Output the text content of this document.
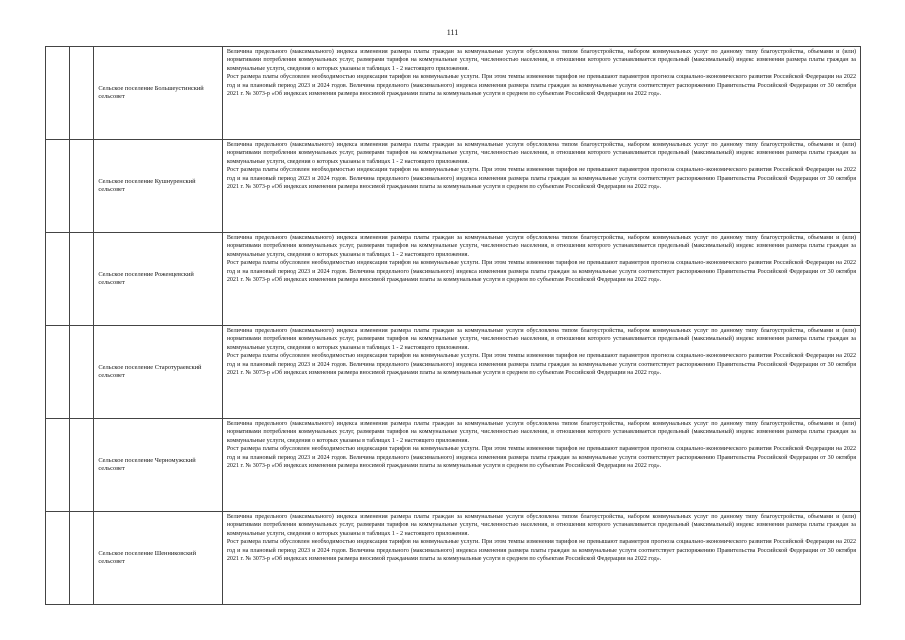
111
		Сельское поселение Большеустинский сельсовет	Величина предельного (максимального) индекса изменения размера платы граждан за коммунальные услуги обусловлена типом благоустройства, набором коммунальных услуг по данному типу благоустройства, объемами и (или) нормативами потребления коммунальных услуг, размерами тарифов на коммунальные услуги, численностью населения, в отношении которого устанавливается предельный (максимальный) индекс изменения размера платы граждан за коммунальные услуги, сведения о которых указаны в таблицах 1 - 2 настоящего приложения.

Рост размера платы обусловлен необходимостью индексации тарифов на коммунальные услуги. При этом темпы изменения тарифов не превышают параметров прогноза социально-экономического развития Российской Федерации на 2022 год и на плановый период 2023 и 2024 годов. Величина предельного (максимального) индекса изменения размера платы граждан за коммунальные услуги соответствует распоряжению Правительства Российской Федерации от 30 октября 2021 г. № 3073-р «Об индексах изменения размера вносимой гражданами платы за коммунальные услуги в среднем по субъектам Российской Федерации на 2022 год».

		Сельское поселение Кушнуренский сельсовет	Величина предельного (максимального) индекса изменения размера платы граждан за коммунальные услуги обусловлена типом благоустройства, набором коммунальных услуг по данному типу благоустройства, объемами и (или) нормативами потребления коммунальных услуг, размерами тарифов на коммунальные услуги, численностью населения, в отношении которого устанавливается предельный (максимальный) индекс изменения размера платы граждан за коммунальные услуги, сведения о которых указаны в таблицах 1 - 2 настоящего приложения.

Рост размера платы обусловлен необходимостью индексации тарифов на коммунальные услуги. При этом темпы изменения тарифов не превышают параметров прогноза социально-экономического развития Российской Федерации на 2022 год и на плановый период 2023 и 2024 годов. Величина предельного (максимального) индекса изменения размера платы граждан за коммунальные услуги соответствует распоряжению Правительства Российской Федерации от 30 октября 2021 г. № 3073-р «Об индексах изменения размера вносимой гражданами платы за коммунальные услуги в среднем по субъектам Российской Федерации на 2022 год».

		Сельское поселение Роженцевский сельсовет	Величина предельного (максимального) индекса изменения размера платы граждан за коммунальные услуги обусловлена типом благоустройства, набором коммунальных услуг по данному типу благоустройства, объемами и (или) нормативами потребления коммунальных услуг, размерами тарифов на коммунальные услуги, численностью населения, в отношении которого устанавливается предельный (максимальный) индекс изменения размера платы граждан за коммунальные услуги, сведения о которых указаны в таблицах 1 - 2 настоящего приложения.

Рост размера платы обусловлен необходимостью индексации тарифов на коммунальные услуги. При этом темпы изменения тарифов не превышают параметров прогноза социально-экономического развития Российской Федерации на 2022 год и на плановый период 2023 и 2024 годов. Величина предельного (максимального) индекса изменения размера платы граждан за коммунальные услуги соответствует распоряжению Правительства Российской Федерации от 30 октября 2021 г. № 3073-р «Об индексах изменения размера вносимой гражданами платы за коммунальные услуги в среднем по субъектам Российской Федерации на 2022 год».

		Сельское поселение Старотураевский сельсовет	Величина предельного (максимального) индекса изменения размера платы граждан за коммунальные услуги обусловлена типом благоустройства, набором коммунальных услуг по данному типу благоустройства, объемами и (или) нормативами потребления коммунальных услуг, размерами тарифов на коммунальные услуги, численностью населения, в отношении которого устанавливается предельный (максимальный) индекс изменения размера платы граждан за коммунальные услуги, сведения о которых указаны в таблицах 1 - 2 настоящего приложения.

Рост размера платы обусловлен необходимостью индексации тарифов на коммунальные услуги. При этом темпы изменения тарифов не превышают параметров прогноза социально-экономического развития Российской Федерации на 2022 год и на плановый период 2023 и 2024 годов. Величина предельного (максимального) индекса изменения размера платы граждан за коммунальные услуги соответствует распоряжению Правительства Российской Федерации от 30 октября 2021 г. № 3073-р «Об индексах изменения размера вносимой гражданами платы за коммунальные услуги в среднем по субъектам Российской Федерации на 2022 год».

		Сельское поселение Черномужский сельсовет	Величина предельного (максимального) индекса изменения размера платы граждан за коммунальные услуги обусловлена типом благоустройства, набором коммунальных услуг по данному типу благоустройства, объемами и (или) нормативами потребления коммунальных услуг, размерами тарифов на коммунальные услуги, численностью населения, в отношении которого устанавливается предельный (максимальный) индекс изменения размера платы граждан за коммунальные услуги, сведения о которых указаны в таблицах 1 - 2 настоящего приложения.

Рост размера платы обусловлен необходимостью индексации тарифов на коммунальные услуги. При этом темпы изменения тарифов не превышают параметров прогноза социально-экономического развития Российской Федерации на 2022 год и на плановый период 2023 и 2024 годов. Величина предельного (максимального) индекса изменения размера платы граждан за коммунальные услуги соответствует распоряжению Правительства Российской Федерации от 30 октября 2021 г. № 3073-р «Об индексах изменения размера вносимой гражданами платы за коммунальные услуги в среднем по субъектам Российской Федерации на 2022 год».

		Сельское поселение Шенниковский сельсовет	Величина предельного (максимального) индекса изменения размера платы граждан за коммунальные услуги обусловлена типом благоустройства, набором коммунальных услуг по данному типу благоустройства, объемами и (или) нормативами потребления коммунальных услуг, размерами тарифов на коммунальные услуги, численностью населения, в отношении которого устанавливается предельный (максимальный) индекс изменения размера платы граждан за коммунальные услуги, сведения о которых указаны в таблицах 1 - 2 настоящего приложения.

Рост размера платы обусловлен необходимостью индексации тарифов на коммунальные услуги. При этом темпы изменения тарифов не превышают параметров прогноза социально-экономического развития Российской Федерации на 2022 год и на плановый период 2023 и 2024 годов. Величина предельного (максимального) индекса изменения размера платы граждан за коммунальные услуги соответствует распоряжению Правительства Российской Федерации от 30 октября 2021 г. № 3073-р «Об индексах изменения размера вносимой гражданами платы за коммунальные услуги в среднем по субъектам Российской Федерации на 2022 год».
